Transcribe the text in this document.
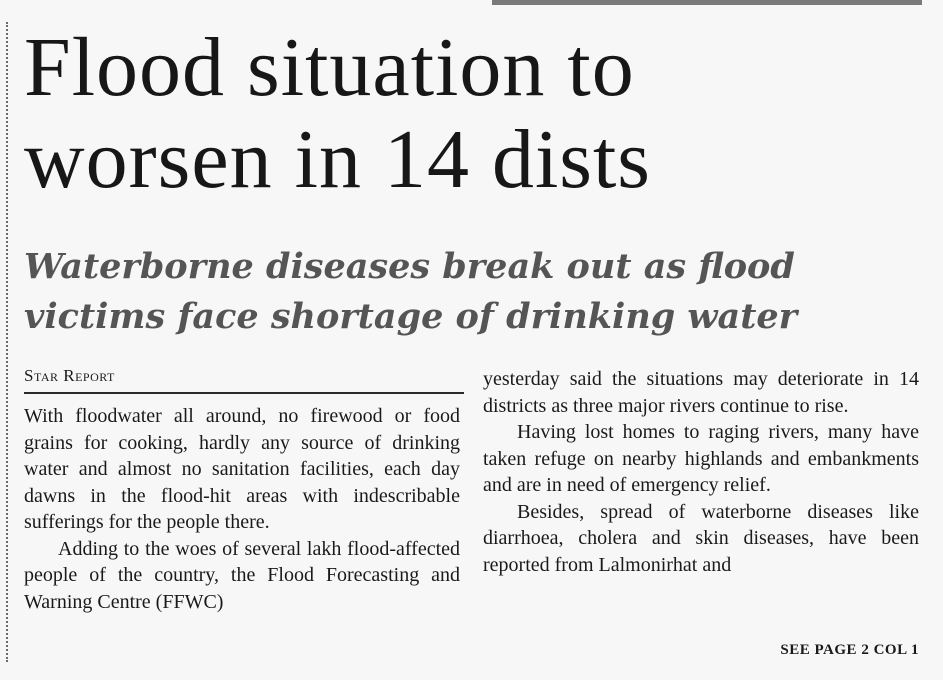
Flood situation to
worsen in 14 dists
Waterborne diseases break out as flood
victims face shortage of drinking water
Star Report

With floodwater all around, no firewood or food grains for cooking, hardly any source of drinking water and almost no sanitation facilities, each day dawns in the flood-hit areas with indescribable sufferings for the people there.

Adding to the woes of several lakh flood-affected people of the country, the Flood Forecasting and Warning Centre (FFWC)

yesterday said the situations may deteriorate in 14 districts as three major rivers continue to rise.

Having lost homes to raging rivers, many have taken refuge on nearby highlands and embankments and are in need of emergency relief.

Besides, spread of waterborne diseases like diarrhoea, cholera and skin diseases, have been reported from Lalmonirhat and

SEE PAGE 2 COL 1
